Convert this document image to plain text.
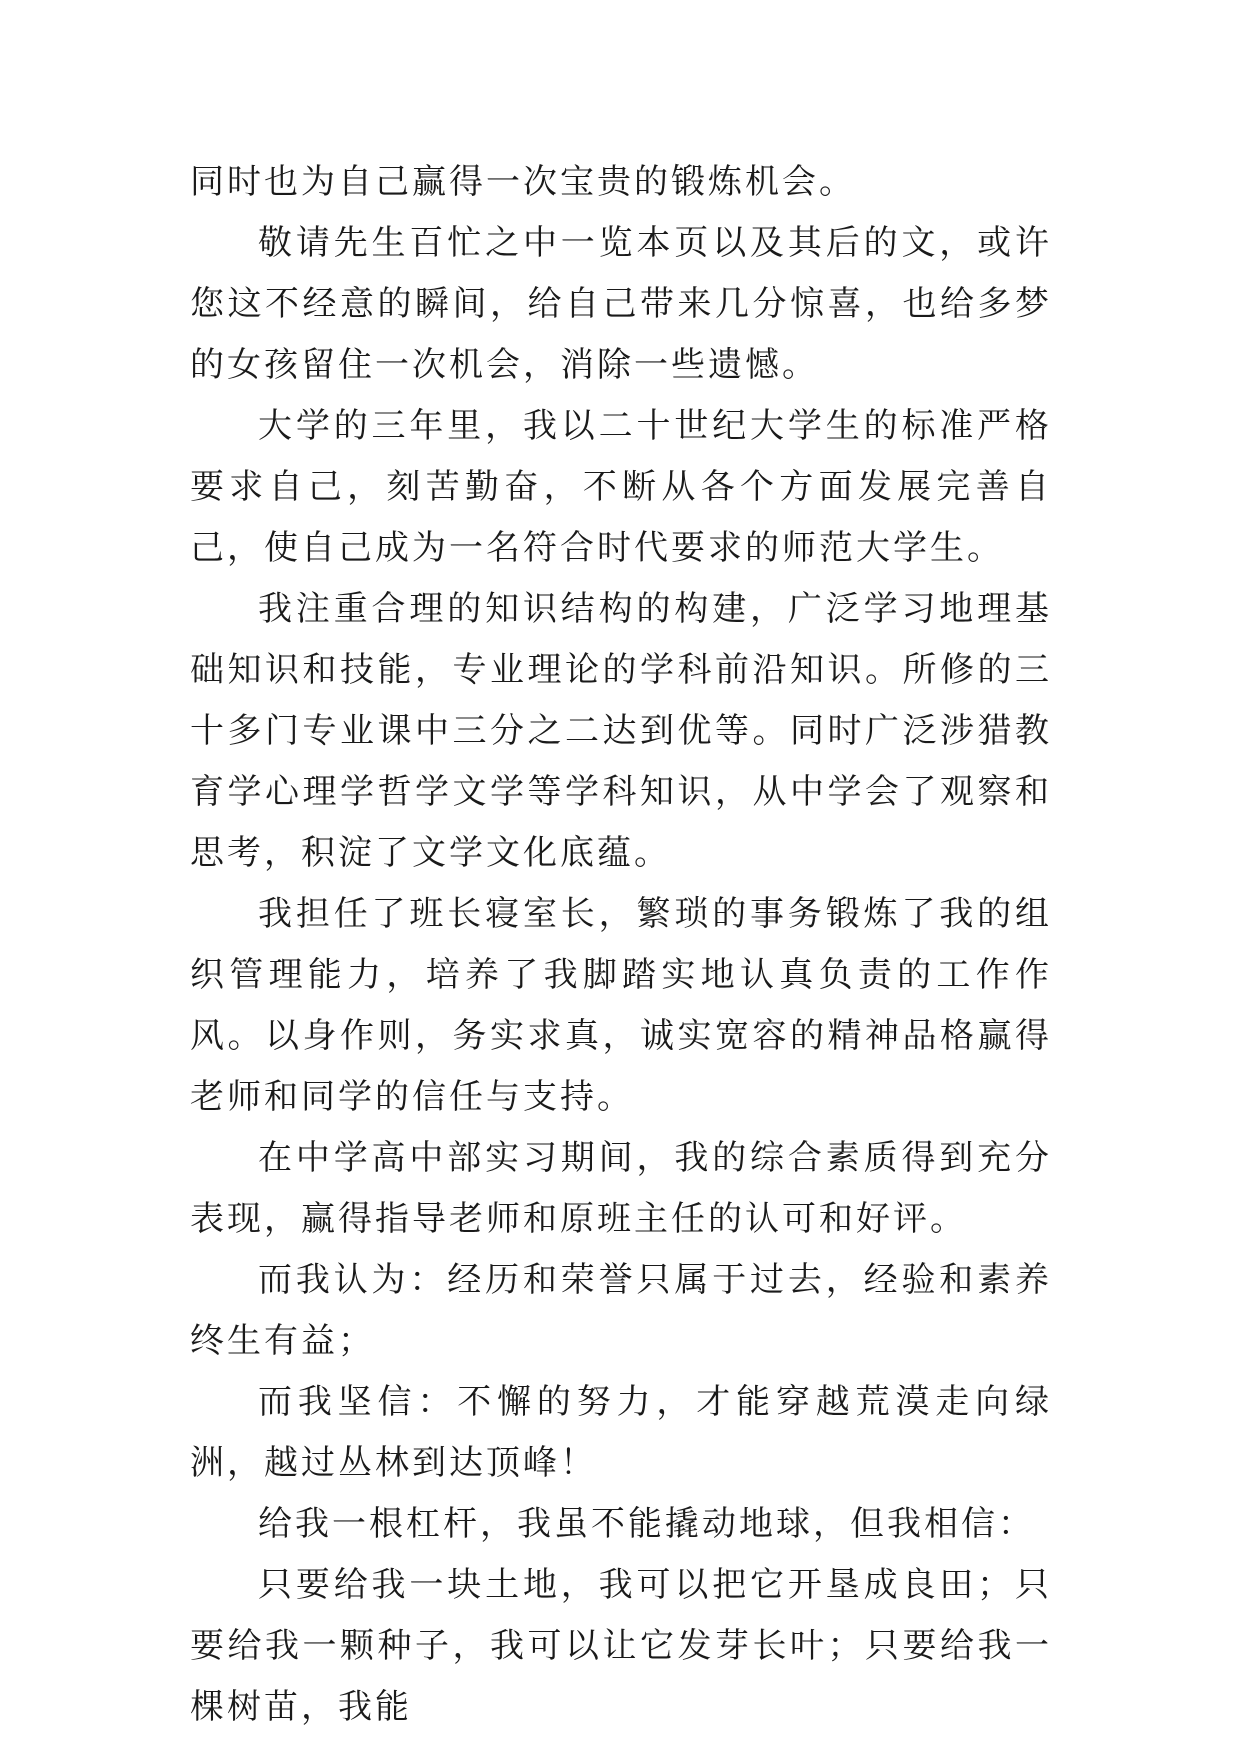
同时也为自己赢得一次宝贵的锻炼机会。

敬请先生百忙之中一览本页以及其后的文，或许您这不经意的瞬间，给自己带来几分惊喜，也给多梦的女孩留住一次机会，消除一些遗憾。

大学的三年里，我以二十世纪大学生的标准严格要求自己，刻苦勤奋，不断从各个方面发展完善自己，使自己成为一名符合时代要求的师范大学生。

我注重合理的知识结构的构建，广泛学习地理基础知识和技能，专业理论的学科前沿知识。所修的三十多门专业课中三分之二达到优等。同时广泛涉猎教育学心理学哲学文学等学科知识，从中学会了观察和思考，积淀了文学文化底蕴。

我担任了班长寝室长，繁琐的事务锻炼了我的组织管理能力，培养了我脚踏实地认真负责的工作作风。以身作则，务实求真，诚实宽容的精神品格赢得老师和同学的信任与支持。

在中学高中部实习期间，我的综合素质得到充分表现，赢得指导老师和原班主任的认可和好评。

而我认为：经历和荣誉只属于过去，经验和素养终生有益；

而我坚信：不懈的努力，才能穿越荒漠走向绿洲，越过丛林到达顶峰！

给我一根杠杆，我虽不能撬动地球，但我相信：

只要给我一块土地，我可以把它开垦成良田；只要给我一颗种子，我可以让它发芽长叶；只要给我一棵树苗，我能
